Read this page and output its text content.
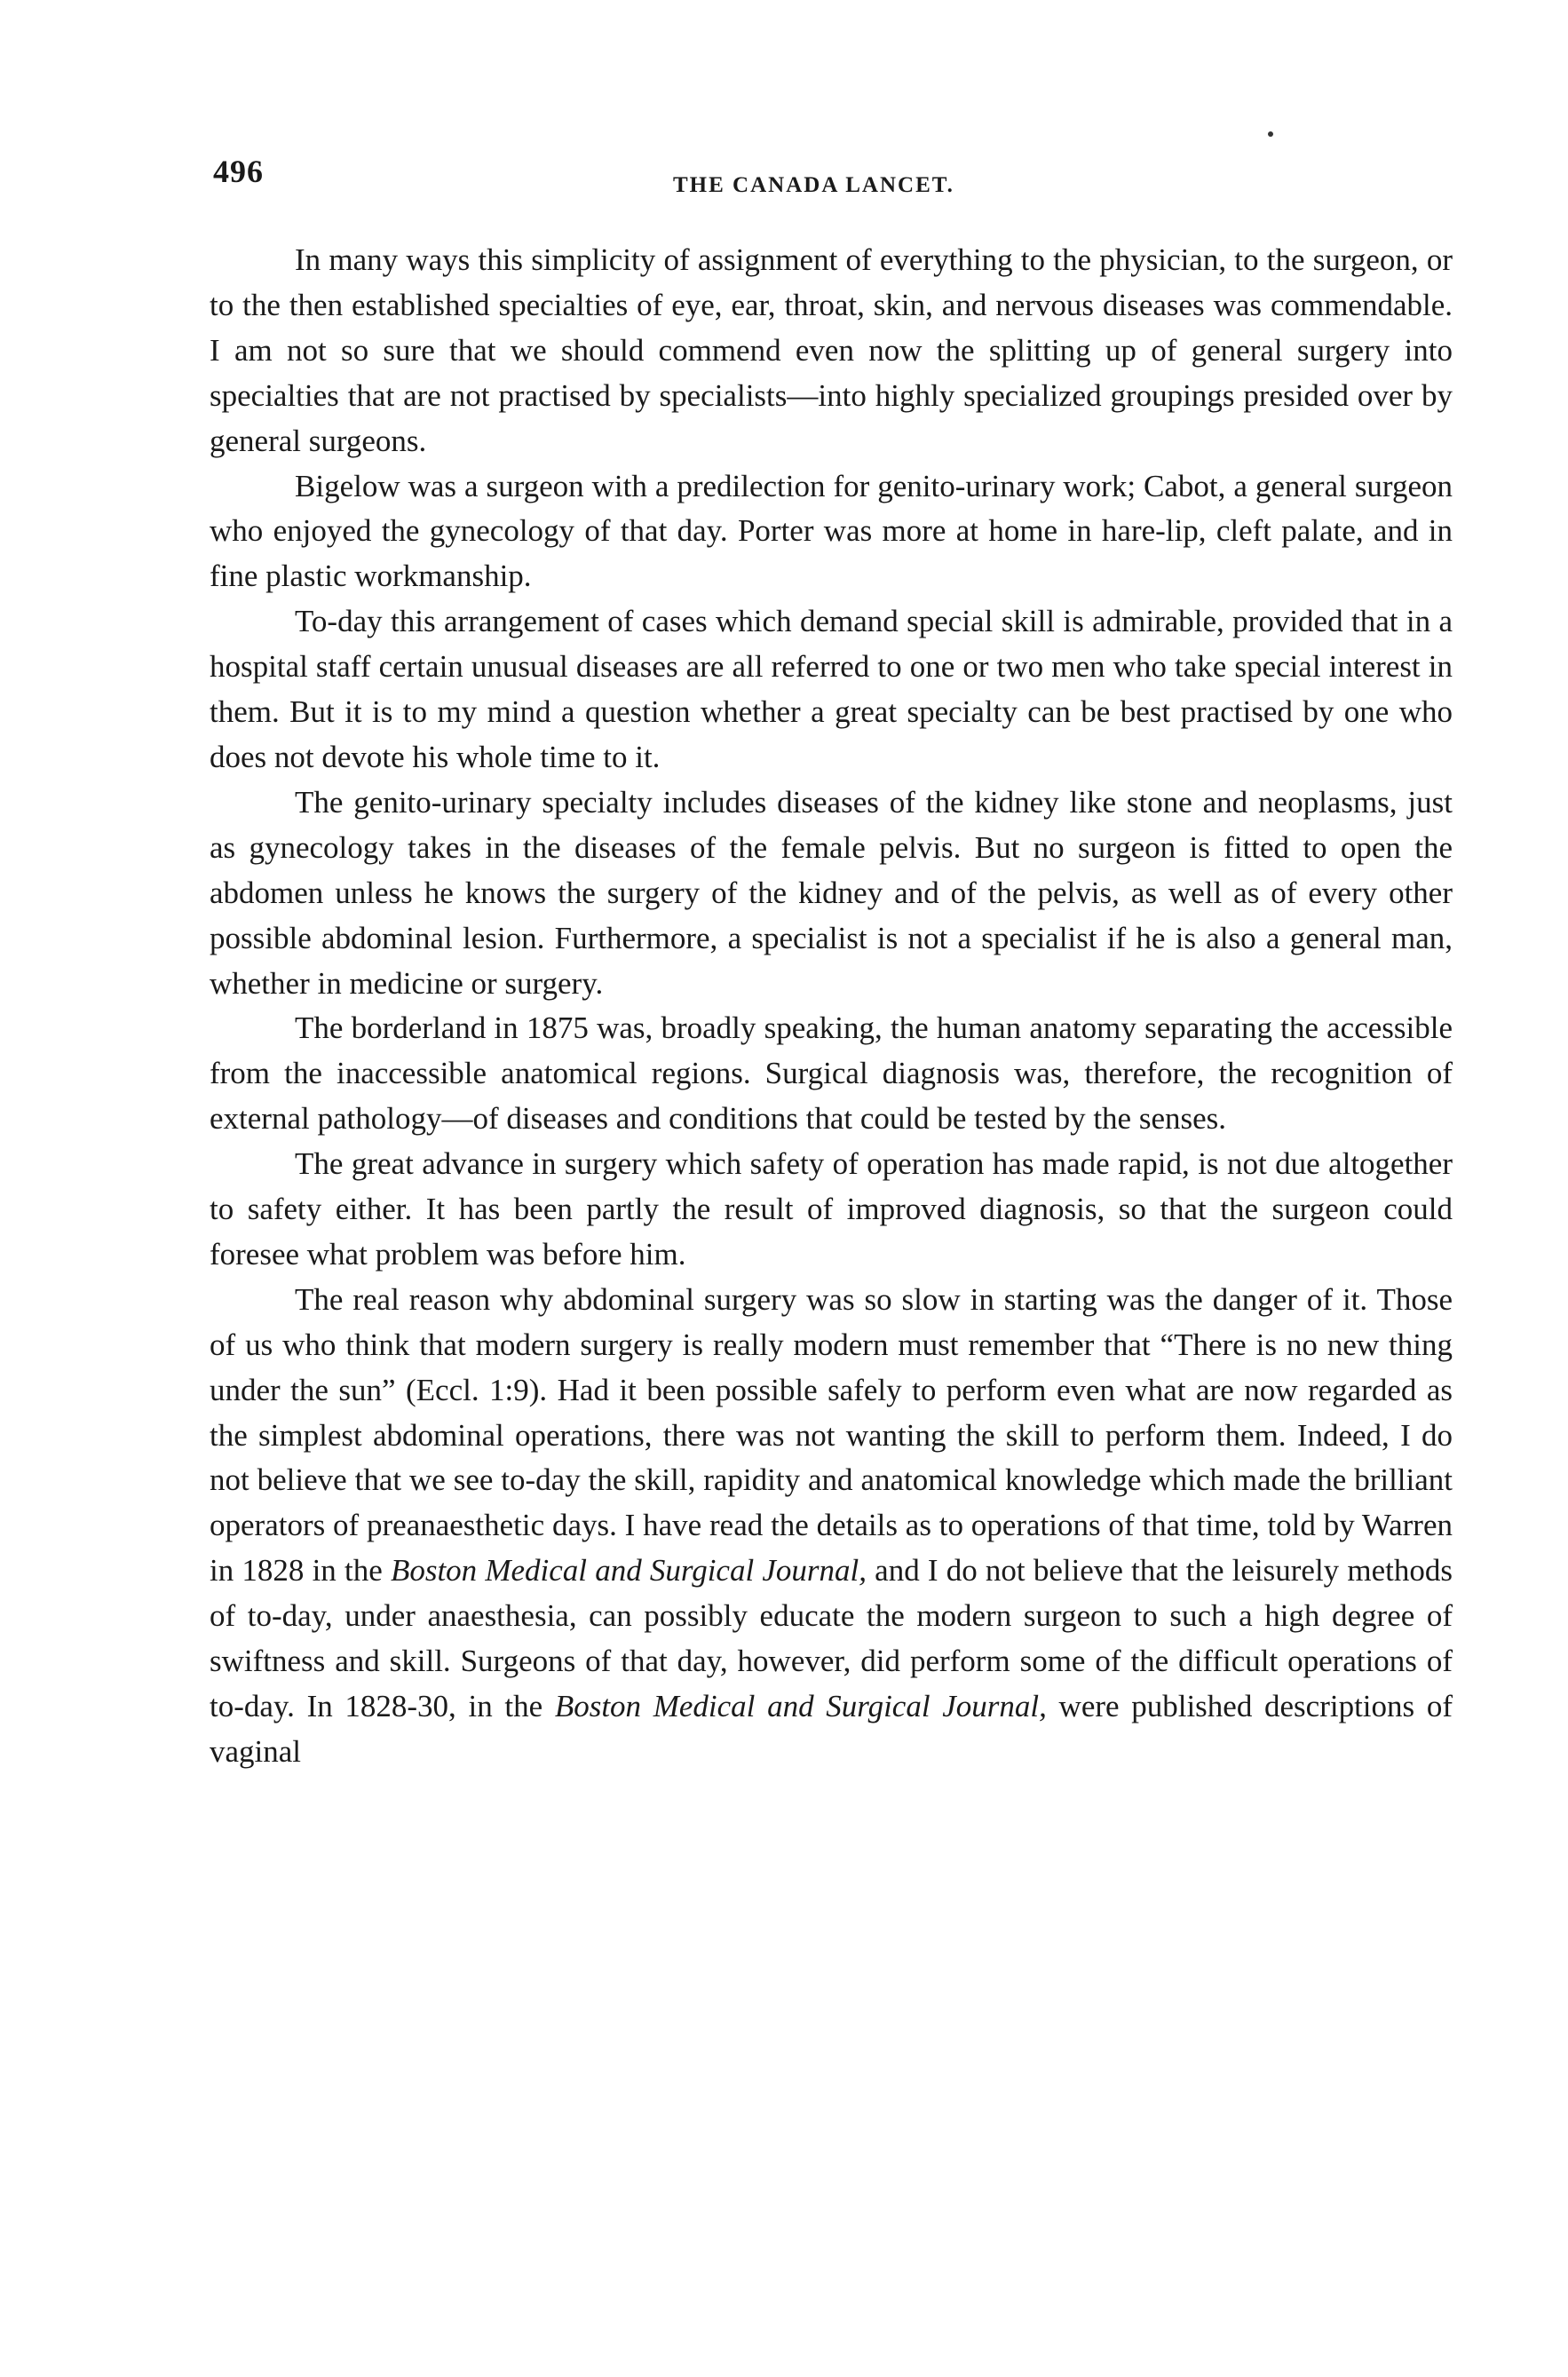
496	THE CANADA LANCET.

In many ways this simplicity of assignment of everything to the physician, to the surgeon, or to the then established specialties of eye, ear, throat, skin, and nervous diseases was commendable. I am not so sure that we should commend even now the splitting up of general surgery into specialties that are not practised by specialists—into highly specialized groupings presided over by general surgeons.

Bigelow was a surgeon with a predilection for genito-urinary work; Cabot, a general surgeon who enjoyed the gynecology of that day. Porter was more at home in hare-lip, cleft palate, and in fine plastic workmanship.

To-day this arrangement of cases which demand special skill is admirable, provided that in a hospital staff certain unusual diseases are all referred to one or two men who take special interest in them. But it is to my mind a question whether a great specialty can be best practised by one who does not devote his whole time to it.

The genito-urinary specialty includes diseases of the kidney like stone and neoplasms, just as gynecology takes in the diseases of the female pelvis. But no surgeon is fitted to open the abdomen unless he knows the surgery of the kidney and of the pelvis, as well as of every other possible abdominal lesion. Furthermore, a specialist is not a specialist if he is also a general man, whether in medicine or surgery.

The borderland in 1875 was, broadly speaking, the human anatomy separating the accessible from the inaccessible anatomical regions. Surgical diagnosis was, therefore, the recognition of external pathology—of diseases and conditions that could be tested by the senses.

The great advance in surgery which safety of operation has made rapid, is not due altogether to safety either. It has been partly the result of improved diagnosis, so that the surgeon could foresee what problem was before him.

The real reason why abdominal surgery was so slow in starting was the danger of it. Those of us who think that modern surgery is really modern must remember that “There is no new thing under the sun” (Eccl. 1:9). Had it been possible safely to perform even what are now regarded as the simplest abdominal operations, there was not wanting the skill to perform them. Indeed, I do not believe that we see to-day the skill, rapidity and anatomical knowledge which made the brilliant operators of preanaesthetic days. I have read the details as to operations of that time, told by Warren in 1828 in the Boston Medical and Surgical Journal, and I do not believe that the leisurely methods of to-day, under anaesthesia, can possibly educate the modern surgeon to such a high degree of swiftness and skill. Surgeons of that day, however, did perform some of the difficult operations of to-day. In 1828-30, in the Boston Medical and Surgical Journal, were published descriptions of vaginal
